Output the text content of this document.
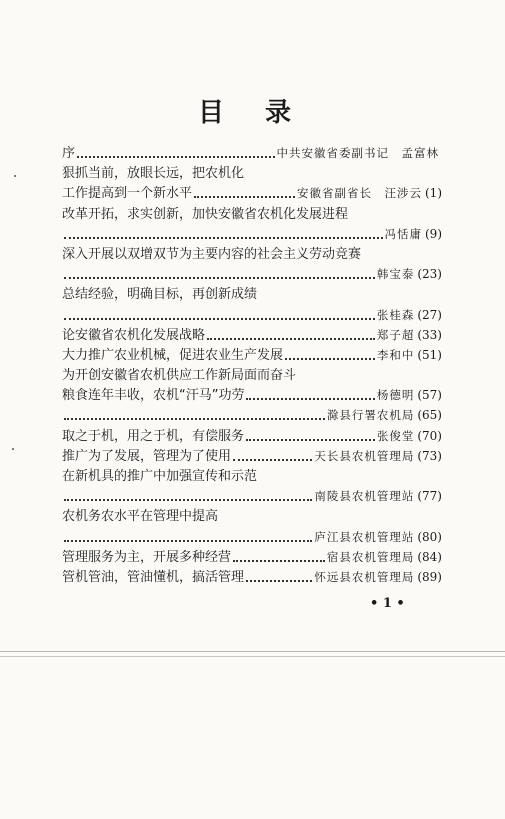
目 录
序	中共安徽省委副书记　孟富林
狠抓当前，放眼长远，把农机化
工作提高到一个新水平	安徽省副省长　汪涉云 (1)
改革开拓，求实创新，加快安徽省农机化发展进程
冯恬庸 (9)
深入开展以双增双节为主要内容的社会主义劳动竞赛
韩宝泰 (23)
总结经验，明确目标，再创新成绩
张桂森 (27)
论安徽省农机化发展战略	郑子超 (33)
大力推广农业机械，促进农业生产发展	李和中 (51)
为开创安徽省农机供应工作新局面而奋斗
粮食连年丰收，农机“汗马”功劳	杨德明 (57)
滁县行署农机局 (65)
取之于机，用之于机，有偿服务	张俊堂 (70)
推广为了发展，管理为了使用	天长县农机管理局 (73)
在新机具的推广中加强宣传和示范
南陵县农机管理站 (77)
农机务农水平在管理中提高
庐江县农机管理站 (80)
管理服务为主，开展多种经营	宿县农机管理局 (84)
管机管油，管油懂机，搞活管理	怀远县农机管理局 (89)
• 1 •
